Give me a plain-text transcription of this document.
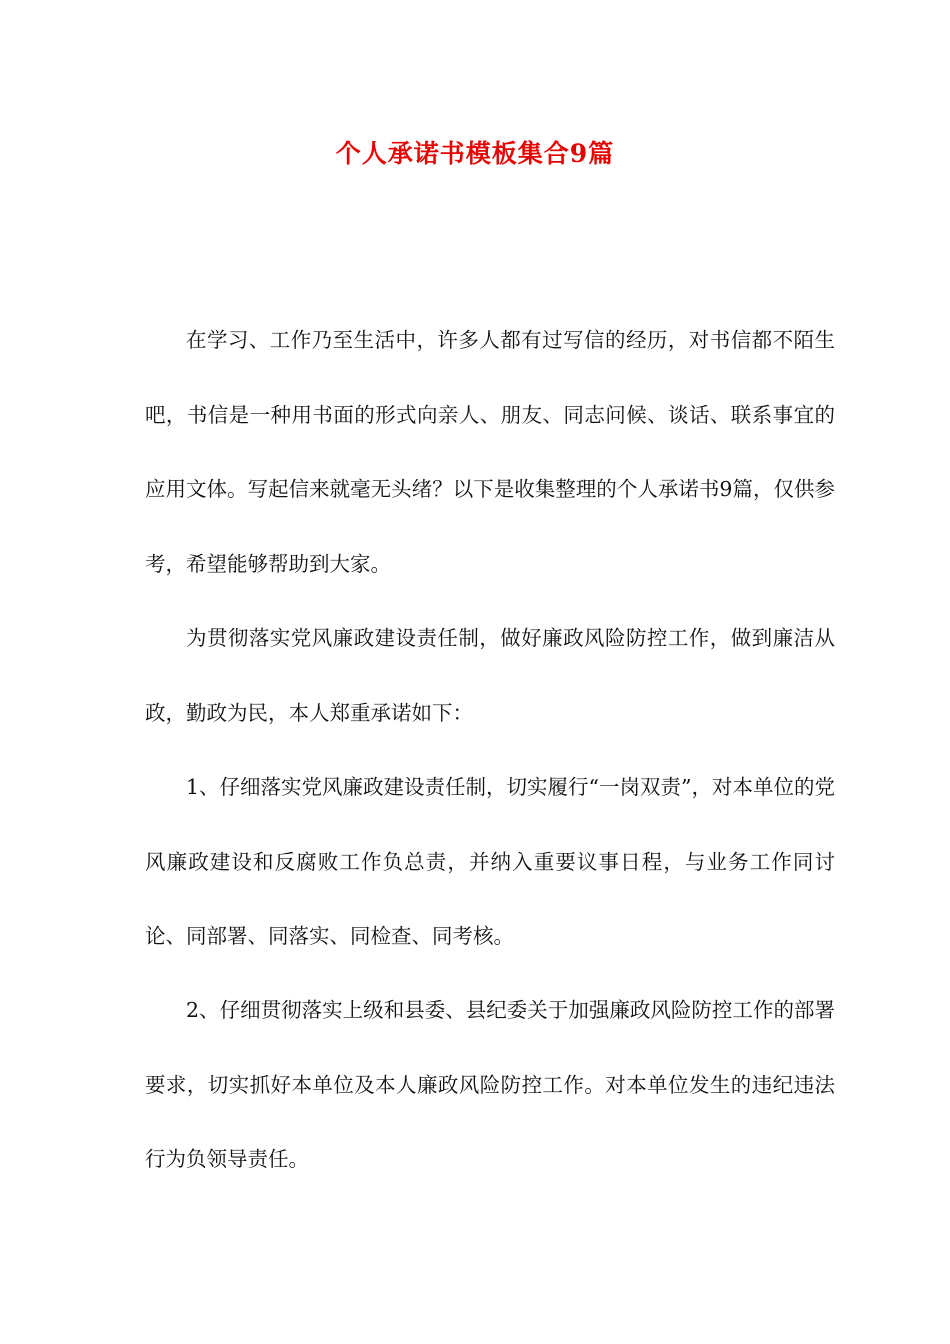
个人承诺书模板集合9篇

在学习、工作乃至生活中，许多人都有过写信的经历，对书信都不陌生吧，书信是一种用书面的形式向亲人、朋友、同志问候、谈话、联系事宜的应用文体。写起信来就毫无头绪？以下是收集整理的个人承诺书9篇，仅供参考，希望能够帮助到大家。

为贯彻落实党风廉政建设责任制，做好廉政风险防控工作，做到廉洁从政，勤政为民，本人郑重承诺如下：

1、仔细落实党风廉政建设责任制，切实履行“一岗双责”，对本单位的党风廉政建设和反腐败工作负总责，并纳入重要议事日程，与业务工作同讨论、同部署、同落实、同检查、同考核。

2、仔细贯彻落实上级和县委、县纪委关于加强廉政风险防控工作的部署要求，切实抓好本单位及本人廉政风险防控工作。对本单位发生的违纪违法行为负领导责任。
